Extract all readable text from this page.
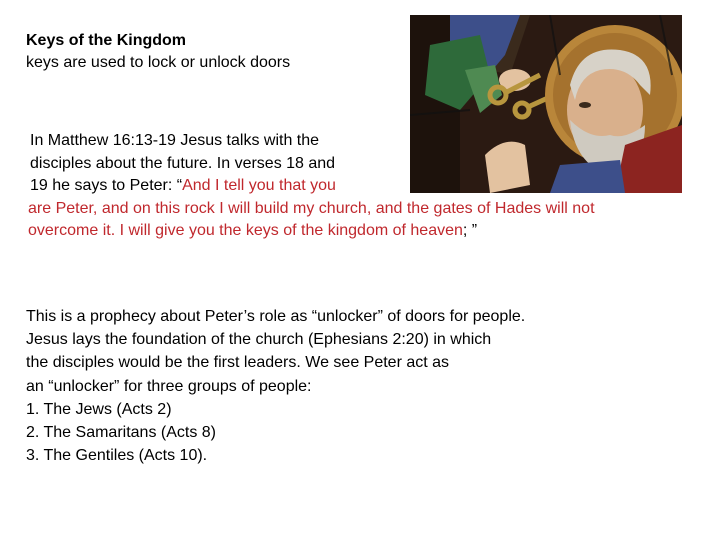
Keys of the Kingdom
keys are used to lock or unlock doors
In Matthew 16:13-19 Jesus talks with the
disciples about the future. In verses 18 and
19 he says to Peter: “And I tell you that you
are Peter, and on this rock I will build my church, and the gates of Hades will not
overcome it. I will give you the keys of the kingdom of heaven; ”
This is a prophecy about Peter’s role as “unlocker” of doors for people.
Jesus lays the foundation of the church (Ephesians 2:20) in which
the disciples would be the first leaders. We see Peter act as
an “unlocker” for three groups of people:
1. The Jews (Acts 2)
2. The Samaritans (Acts 8)
3. The Gentiles (Acts 10).
